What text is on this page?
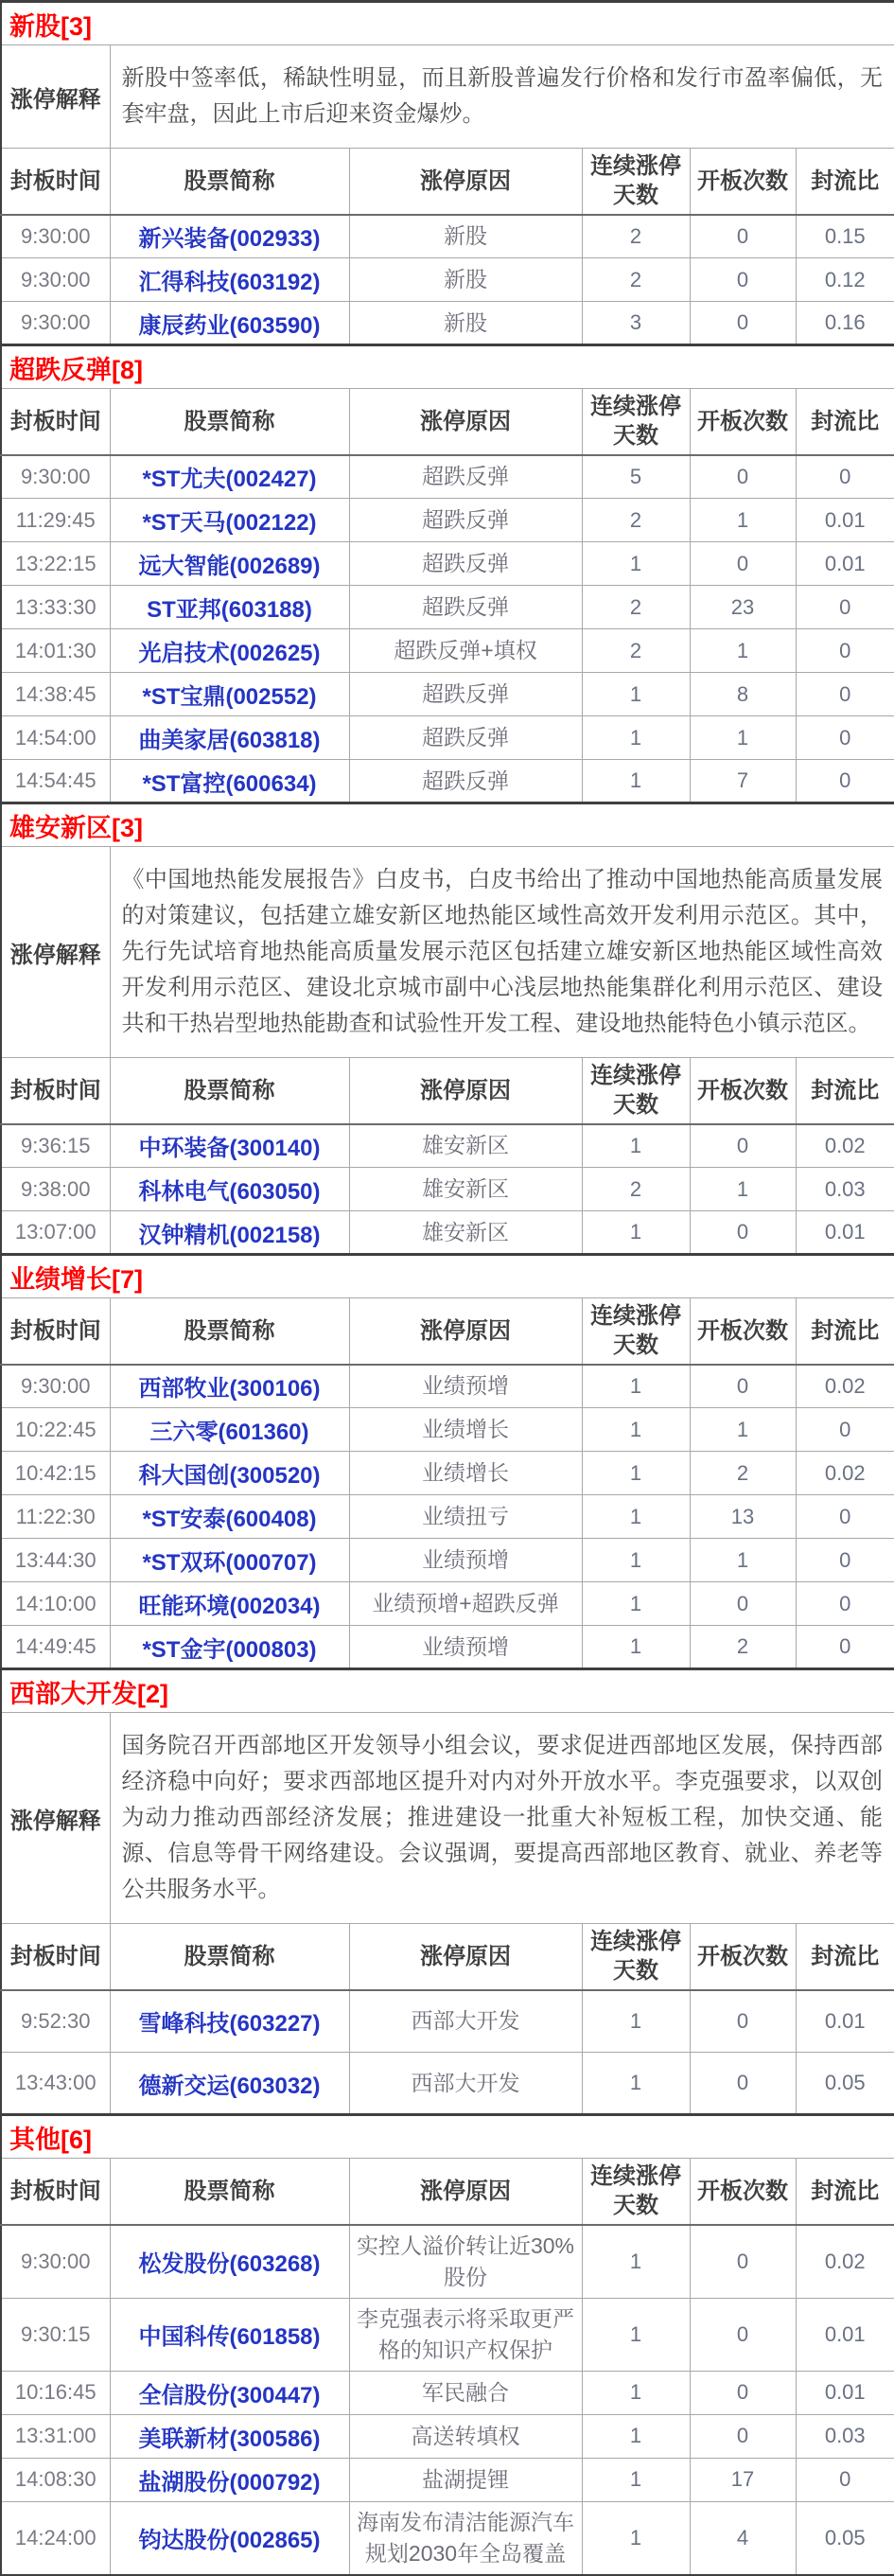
新股[3]					
涨停解释	新股中签率低，稀缺性明显，而且新股普遍发行价格和发行市盈率偏低，无套牢盘，因此上市后迎来资金爆炒。				
封板时间	股票简称	涨停原因	连续涨停天数	开板次数	封流比
9:30:00	新兴装备(002933)	新股	2	0	0.15
9:30:00	汇得科技(603192)	新股	2	0	0.12
9:30:00	康辰药业(603590)	新股	3	0	0.16
超跌反弹[8]					
封板时间	股票简称	涨停原因	连续涨停天数	开板次数	封流比
9:30:00	*ST尤夫(002427)	超跌反弹	5	0	0
11:29:45	*ST天马(002122)	超跌反弹	2	1	0.01
13:22:15	远大智能(002689)	超跌反弹	1	0	0.01
13:33:30	ST亚邦(603188)	超跌反弹	2	23	0
14:01:30	光启技术(002625)	超跌反弹+填权	2	1	0
14:38:45	*ST宝鼎(002552)	超跌反弹	1	8	0
14:54:00	曲美家居(603818)	超跌反弹	1	1	0
14:54:45	*ST富控(600634)	超跌反弹	1	7	0
雄安新区[3]					
涨停解释	《中国地热能发展报告》白皮书，白皮书给出了推动中国地热能高质量发展的对策建议，包括建立雄安新区地热能区域性高效开发利用示范区。其中，先行先试培育地热能高质量发展示范区包括建立雄安新区地热能区域性高效开发利用示范区、建设北京城市副中心浅层地热能集群化利用示范区、建设共和干热岩型地热能勘查和试验性开发工程、建设地热能特色小镇示范区。				
封板时间	股票简称	涨停原因	连续涨停天数	开板次数	封流比
9:36:15	中环装备(300140)	雄安新区	1	0	0.02
9:38:00	科林电气(603050)	雄安新区	2	1	0.03
13:07:00	汉钟精机(002158)	雄安新区	1	0	0.01
业绩增长[7]					
封板时间	股票简称	涨停原因	连续涨停天数	开板次数	封流比
9:30:00	西部牧业(300106)	业绩预增	1	0	0.02
10:22:45	三六零(601360)	业绩增长	1	1	0
10:42:15	科大国创(300520)	业绩增长	1	2	0.02
11:22:30	*ST安泰(600408)	业绩扭亏	1	13	0
13:44:30	*ST双环(000707)	业绩预增	1	1	0
14:10:00	旺能环境(002034)	业绩预增+超跌反弹	1	0	0
14:49:45	*ST金宇(000803)	业绩预增	1	2	0
西部大开发[2]					
涨停解释	国务院召开西部地区开发领导小组会议，要求促进西部地区发展，保持西部经济稳中向好；要求西部地区提升对内对外开放水平。李克强要求，以双创为动力推动西部经济发展；推进建设一批重大补短板工程，加快交通、能源、信息等骨干网络建设。会议强调，要提高西部地区教育、就业、养老等公共服务水平。				
封板时间	股票简称	涨停原因	连续涨停天数	开板次数	封流比
9:52:30	雪峰科技(603227)	西部大开发	1	0	0.01
13:43:00	德新交运(603032)	西部大开发	1	0	0.05
其他[6]					
封板时间	股票简称	涨停原因	连续涨停天数	开板次数	封流比
9:30:00	松发股份(603268)	实控人溢价转让近30%股份	1	0	0.02
9:30:15	中国科传(601858)	李克强表示将采取更严格的知识产权保护	1	0	0.01
10:16:45	全信股份(300447)	军民融合	1	0	0.01
13:31:00	美联新材(300586)	高送转填权	1	0	0.03
14:08:30	盐湖股份(000792)	盐湖提锂	1	17	0
14:24:00	钧达股份(002865)	海南发布清洁能源汽车规划2030年全岛覆盖	1	4	0.05
